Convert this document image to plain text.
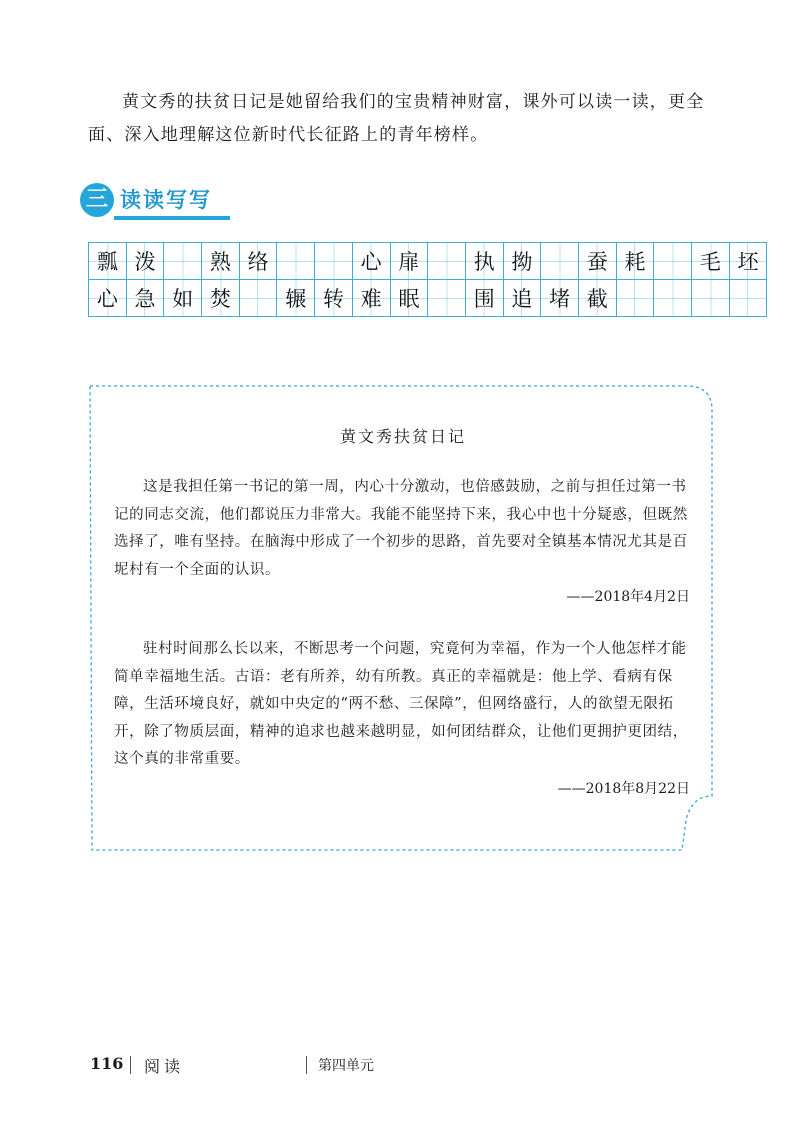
黄文秀的扶贫日记是她留给我们的宝贵精神财富，课外可以读一读，更全面、深入地理解这位新时代长征路上的青年榜样。

三 读读写写
瓢	泼		熟	络			心	扉		执	拗		蚕	耗		毛	坯
心	急	如	焚		辗	转	难	眠		围	追	堵	截				
黄文秀扶贫日记

这是我担任第一书记的第一周，内心十分激动，也倍感鼓励，之前与担任过第一书记的同志交流，他们都说压力非常大。我能不能坚持下来，我心中也十分疑惑，但既然选择了，唯有坚持。在脑海中形成了一个初步的思路，首先要对全镇基本情况尤其是百坭村有一个全面的认识。

——2018年4月2日

驻村时间那么长以来，不断思考一个问题，究竟何为幸福，作为一个人他怎样才能简单幸福地生活。古语：老有所养，幼有所教。真正的幸福就是：他上学、看病有保障，生活环境良好，就如中央定的“两不愁、三保障”，但网络盛行，人的欲望无限拓开，除了物质层面，精神的追求也越来越明显，如何团结群众，让他们更拥护更团结，这个真的非常重要。

——2018年8月22日
116 阅读	第四单元
